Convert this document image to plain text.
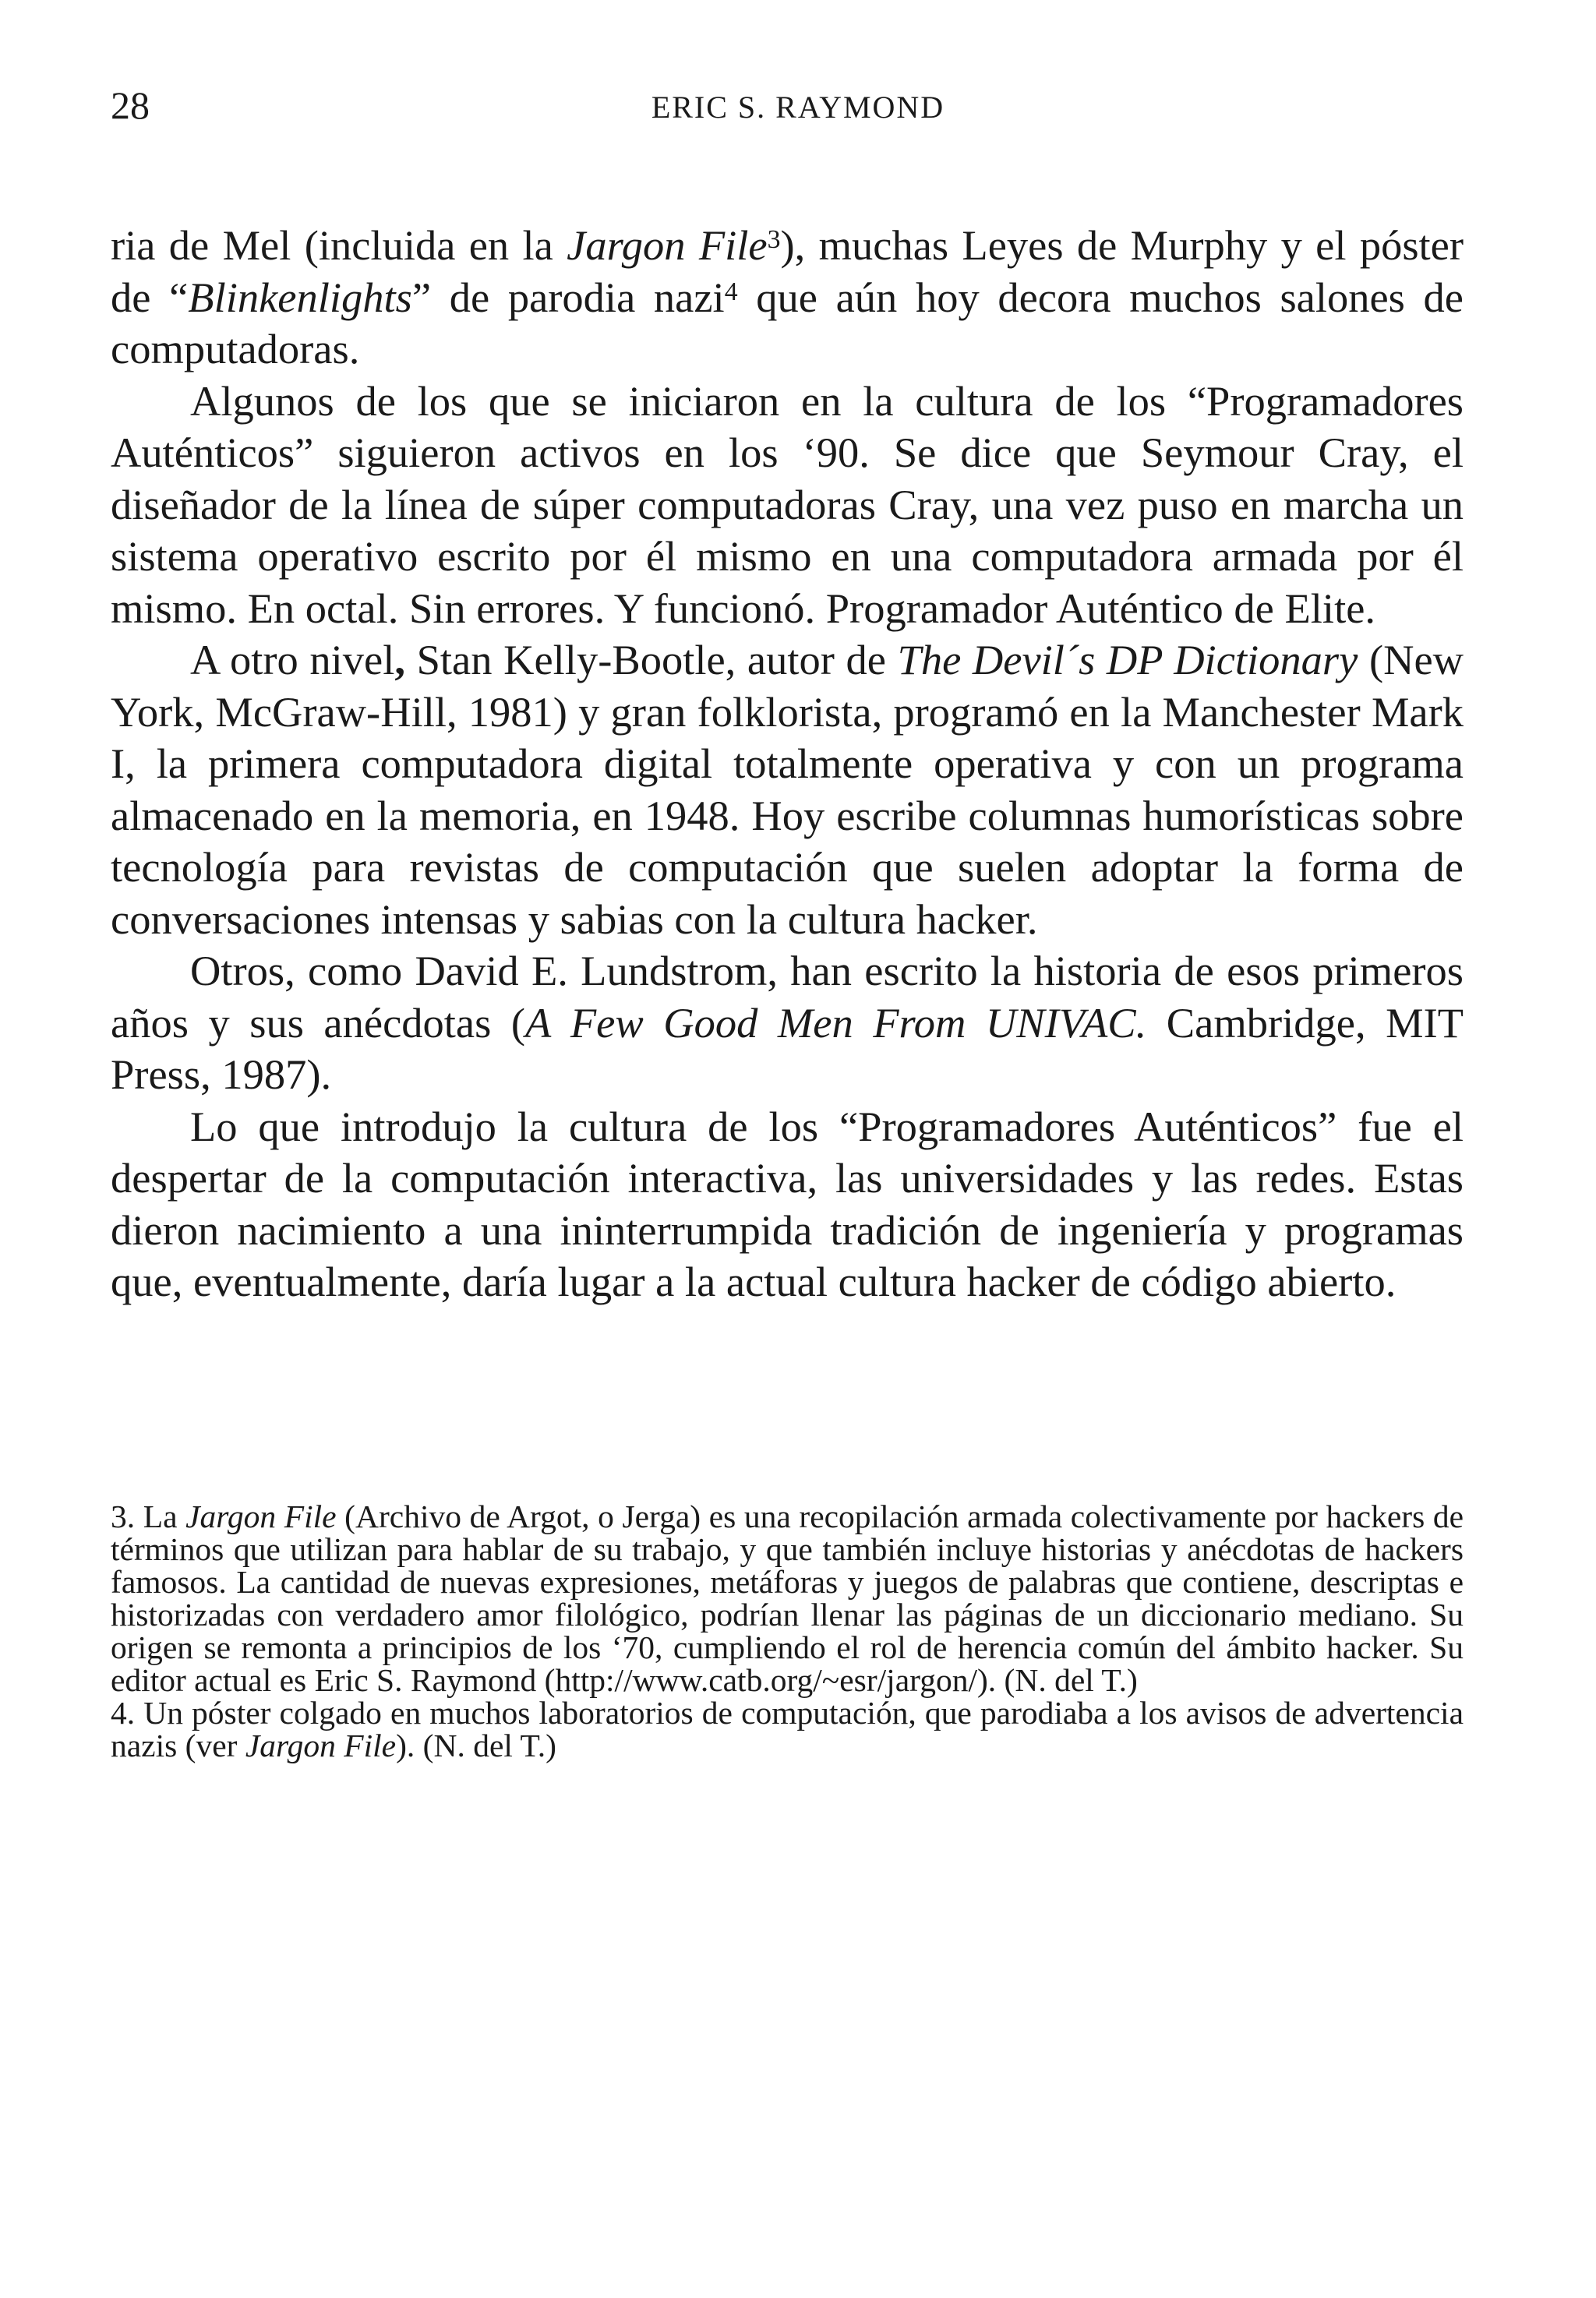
28	ERIC S. RAYMOND

ria de Mel (incluida en la Jargon File$^3$), muchas Leyes de Murphy y el póster de “Blinkenlights” de parodia nazi$^4$ que aún hoy decora muchos salones de computadoras.

Algunos de los que se iniciaron en la cultura de los “Programadores Auténticos” siguieron activos en los ‘90. Se dice que Seymour Cray, el diseñador de la línea de súper computadoras Cray, una vez puso en marcha un sistema operativo escrito por él mismo en una computadora armada por él mismo. En octal. Sin errores. Y funcionó. Programador Auténtico de Elite.

A otro nivel, Stan Kelly-Bootle, autor de The Devil´s DP Dictionary (New York, McGraw-Hill, 1981) y gran folklorista, programó en la Manchester Mark I, la primera computadora digital totalmente operativa y con un programa almacenado en la memoria, en 1948. Hoy escribe columnas humorísticas sobre tecnología para revistas de computación que suelen adoptar la forma de conversaciones intensas y sabias con la cultura hacker.

Otros, como David E. Lundstrom, han escrito la historia de esos primeros años y sus anécdotas (A Few Good Men From UNIVAC. Cambridge, MIT Press, 1987).

Lo que introdujo la cultura de los “Programadores Auténticos” fue el despertar de la computación interactiva, las universidades y las redes. Estas dieron nacimiento a una ininterrumpida tradición de ingeniería y programas que, eventualmente, daría lugar a la actual cultura hacker de código abierto.

3. La Jargon File (Archivo de Argot, o Jerga) es una recopilación armada colectivamente por hackers de términos que utilizan para hablar de su trabajo, y que también incluye historias y anécdotas de hackers famosos. La cantidad de nuevas expresiones, metáforas y juegos de palabras que contiene, descriptas e historizadas con verdadero amor filológico, podrían llenar las páginas de un diccionario mediano. Su origen se remonta a principios de los ‘70, cumpliendo el rol de herencia común del ámbito hacker. Su editor actual es Eric S. Raymond (http://www.catb.org/~esr/jargon/). (N. del T.)

4. Un póster colgado en muchos laboratorios de computación, que parodiaba a los avisos de advertencia nazis (ver Jargon File). (N. del T.)
